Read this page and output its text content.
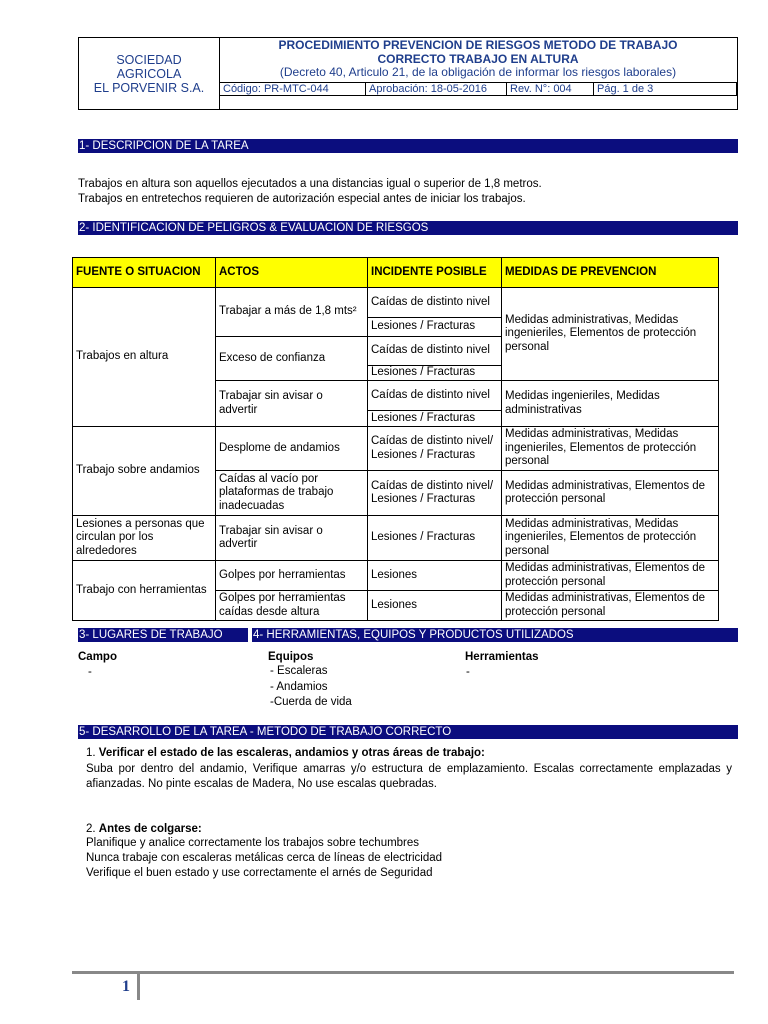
SOCIEDAD
AGRICOLA
EL PORVENIR S.A.
PROCEDIMIENTO PREVENCION DE RIESGOS METODO DE TRABAJO
CORRECTO TRABAJO EN ALTURA
(Decreto 40, Articulo 21, de la obligación de informar los riesgos laborales)
Código: PR-MTC-044	Aprobación: 18-05-2016	Rev. N°: 004	Pág. 1 de 3
1- DESCRIPCION DE LA TAREA
Trabajos en altura son aquellos ejecutados a una distancias igual o superior de 1,8 metros.
Trabajos en entretechos requieren de autorización especial antes de iniciar los trabajos.
2- IDENTIFICACION DE PELIGROS & EVALUACION DE RIESGOS
FUENTE O SITUACION	ACTOS	INCIDENTE POSIBLE	MEDIDAS DE PREVENCION
Trabajos en altura	Trabajar a más de 1,8 mts²	Caídas de distinto nivel	Medidas administrativas, Medidas ingenieriles, Elementos de protección personal
		Lesiones / Fracturas	
	Exceso de confianza	Caídas de distinto nivel	
		Lesiones / Fracturas	
	Trabajar sin avisar o advertir	Caídas de distinto nivel	Medidas ingenieriles, Medidas administrativas
		Lesiones / Fracturas	
Trabajo sobre andamios	Desplome de andamios	Caídas de distinto nivel/ Lesiones / Fracturas	Medidas administrativas, Medidas ingenieriles, Elementos de protección personal
	Caídas al vacío por plataformas de trabajo inadecuadas	Caídas de distinto nivel/ Lesiones / Fracturas	Medidas administrativas, Elementos de protección personal
Lesiones a personas que circulan por los alrededores	Trabajar sin avisar o advertir	Lesiones / Fracturas	Medidas administrativas, Medidas ingenieriles, Elementos de protección personal
Trabajo con herramientas	Golpes por herramientas	Lesiones	Medidas administrativas, Elementos de protección personal
	Golpes por herramientas caídas desde altura	Lesiones	Medidas administrativas, Elementos de protección personal
3- LUGARES DE TRABAJO	4- HERRAMIENTAS, EQUIPOS Y PRODUCTOS UTILIZADOS
Campo
-
Equipos
- Escaleras
- Andamios
-Cuerda de vida
Herramientas
-
5- DESARROLLO DE LA TAREA - METODO DE TRABAJO CORRECTO
1. Verificar el estado de las escaleras, andamios y otras áreas de trabajo:
Suba por dentro del andamio, Verifique amarras y/o estructura de emplazamiento. Escalas correctamente emplazadas y afianzadas. No pinte escalas de Madera, No use escalas quebradas.
2. Antes de colgarse:
Planifique y analice correctamente los trabajos sobre techumbres
Nunca trabaje con escaleras metálicas cerca de líneas de electricidad
Verifique el buen estado y use correctamente el arnés de Seguridad
1
